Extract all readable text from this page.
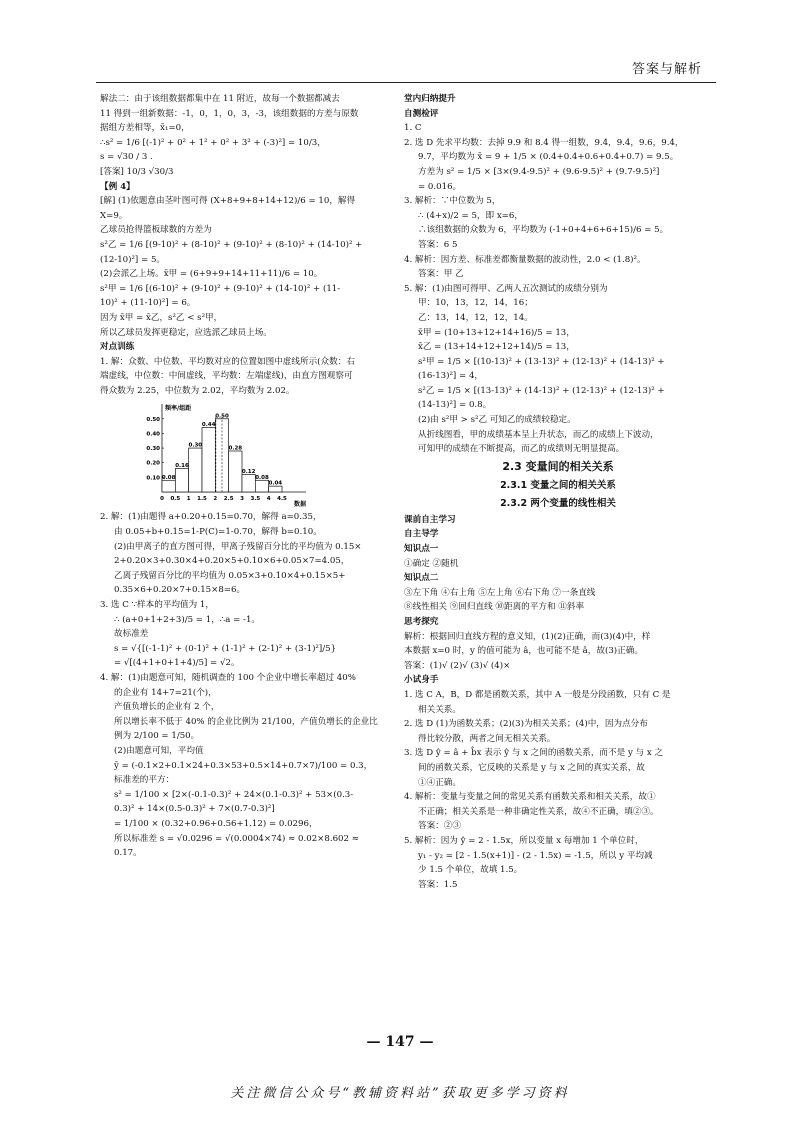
答案与解析

解法二：由于该组数据都集中在 11 附近，故每一个数据都减去

11 得到一组新数据：-1，0，1，0，3，-3，该组数据的方差与原数

据组方差相等，x̄₁=0，

∴s² = 1/6 [(-1)² + 0² + 1² + 0² + 3² + (-3)²] = 10/3，

s = √30 / 3 .

[答案] 10/3 √30/3

【例 4】

[解] (1)依题意由茎叶图可得 (X+8+9+8+14+12)/6 = 10，解得

X=9。

乙球员抢得篮板球数的方差为

s²乙 = 1/6 [(9-10)² + (8-10)² + (9-10)² + (8-10)² + (14-10)² +

(12-10)²] = 5。

(2)会派乙上场。x̄甲 = (6+9+9+14+11+11)/6 = 10。

s²甲 = 1/6 [(6-10)² + (9-10)² + (9-10)² + (14-10)² + (11-

10)² + (11-10)²] = 6。

因为 x̄甲 = x̄乙，s²乙 < s²甲，

所以乙球员发挥更稳定，应选派乙球员上场。

对点训练

1. 解：众数、中位数、平均数对应的位置如图中虚线所示(众数：右

端虚线，中位数：中间虚线，平均数：左端虚线)，由直方图观察可

得众数为 2.25，中位数为 2.02，平均数为 2.02。

0.08
0.16
0.30
0.44
0.50
0.28
0.12
0.08
0.04
0.50
0.40
0.30
0.20
0.10
0 0.5 1 1.5 2 2.5 3 3.5 4 4.5
频率/组距
数据

2. 解：(1)由题得 a+0.20+0.15=0.70，解得 a=0.35，

由 0.05+b+0.15=1-P(C)=1-0.70，解得 b=0.10。

(2)由甲离子的直方图可得，甲离子残留百分比的平均值为 0.15×

2+0.20×3+0.30×4+0.20×5+0.10×6+0.05×7=4.05，

乙离子残留百分比的平均值为 0.05×3+0.10×4+0.15×5+

0.35×6+0.20×7+0.15×8=6。

3. 选 C ∵样本的平均值为 1，

∴ (a+0+1+2+3)/5 = 1，∴a = -1。

故标准差

s = √{[(-1-1)² + (0-1)² + (1-1)² + (2-1)² + (3-1)²]/5}

= √[(4+1+0+1+4)/5] = √2。

4. 解：(1)由题意可知，随机调查的 100 个企业中增长率超过 40%

的企业有 14+7=21(个)，

产值负增长的企业有 2 个，

所以增长率不低于 40% 的企业比例为 21/100，产值负增长的企业比

例为 2/100 = 1/50。

(2)由题意可知，平均值

ȳ = (-0.1×2+0.1×24+0.3×53+0.5×14+0.7×7)/100 = 0.3，

标准差的平方：

s² = 1/100 × [2×(-0.1-0.3)² + 24×(0.1-0.3)² + 53×(0.3-

0.3)² + 14×(0.5-0.3)² + 7×(0.7-0.3)²]

= 1/100 × (0.32+0.96+0.56+1.12) = 0.0296，

所以标准差 s = √0.0296 = √(0.0004×74) ≈ 0.02×8.602 ≈

0.17。

堂内归纳提升

自测检评

1. C

2. 选 D 先求平均数：去掉 9.9 和 8.4 得一组数，9.4，9.4，9.6，9.4，

9.7，平均数为 x̄ = 9 + 1/5 × (0.4+0.4+0.6+0.4+0.7) = 9.5。

方差为 s² = 1/5 × [3×(9.4-9.5)² + (9.6-9.5)² + (9.7-9.5)²]

= 0.016。

3. 解析：∵中位数为 5，

∴ (4+x)/2 = 5，即 x=6，

∴该组数据的众数为 6，平均数为 (-1+0+4+6+6+15)/6 = 5。

答案：6 5

4. 解析：因方差、标准差都衡量数据的波动性，2.0 < (1.8)²。

答案：甲 乙

5. 解：(1)由图可得甲、乙两人五次测试的成绩分别为

甲：10，13，12，14，16；

乙：13，14，12，12，14。

x̄甲 = (10+13+12+14+16)/5 = 13，

x̄乙 = (13+14+12+12+14)/5 = 13，

s²甲 = 1/5 × [(10-13)² + (13-13)² + (12-13)² + (14-13)² +

(16-13)²] = 4，

s²乙 = 1/5 × [(13-13)² + (14-13)² + (12-13)² + (12-13)² +

(14-13)²] = 0.8。

(2)由 s²甲 > s²乙 可知乙的成绩较稳定。

从折线图看，甲的成绩基本呈上升状态，而乙的成绩上下波动，

可知甲的成绩在不断提高，而乙的成绩则无明显提高。

2.3 变量间的相关关系

2.3.1 变量之间的相关关系

2.3.2 两个变量的线性相关

课前自主学习

自主导学

知识点一

①确定 ②随机

知识点二

③左下角 ④右上角 ⑤左上角 ⑥右下角 ⑦一条直线

⑧线性相关 ⑨回归直线 ⑩距离的平方和 ⑪斜率

思考探究

解析：根据回归直线方程的意义知，(1)(2)正确，而(3)(4)中，样

本数据 x=0 时，y 的值可能为 â，也可能不是 â，故(3)正确。

答案：(1)√ (2)√ (3)√ (4)×

小试身手

1. 选 C A，B，D 都是函数关系，其中 A 一般是分段函数，只有 C 是

相关关系。

2. 选 D (1)为函数关系；(2)(3)为相关关系；(4)中，因为点分布

得比较分散，两者之间无相关关系。

3. 选 D ŷ = â + b̂x 表示 ŷ 与 x 之间的函数关系，而不是 y 与 x 之

间的函数关系，它反映的关系是 y 与 x 之间的真实关系，故

①④正确。

4. 解析：变量与变量之间的常见关系有函数关系和相关关系，故①

不正确；相关关系是一种非确定性关系，故④不正确，填②③。

答案：②③

5. 解析：因为 ŷ = 2 - 1.5x，所以变量 x 每增加 1 个单位时，

y₁ - y₂ = [2 - 1.5(x+1)] - (2 - 1.5x) = -1.5，所以 y 平均减

少 1.5 个单位，故填 1.5。

答案：1.5

— 147 —
关注微信公众号“教辅资料站”获取更多学习资料
